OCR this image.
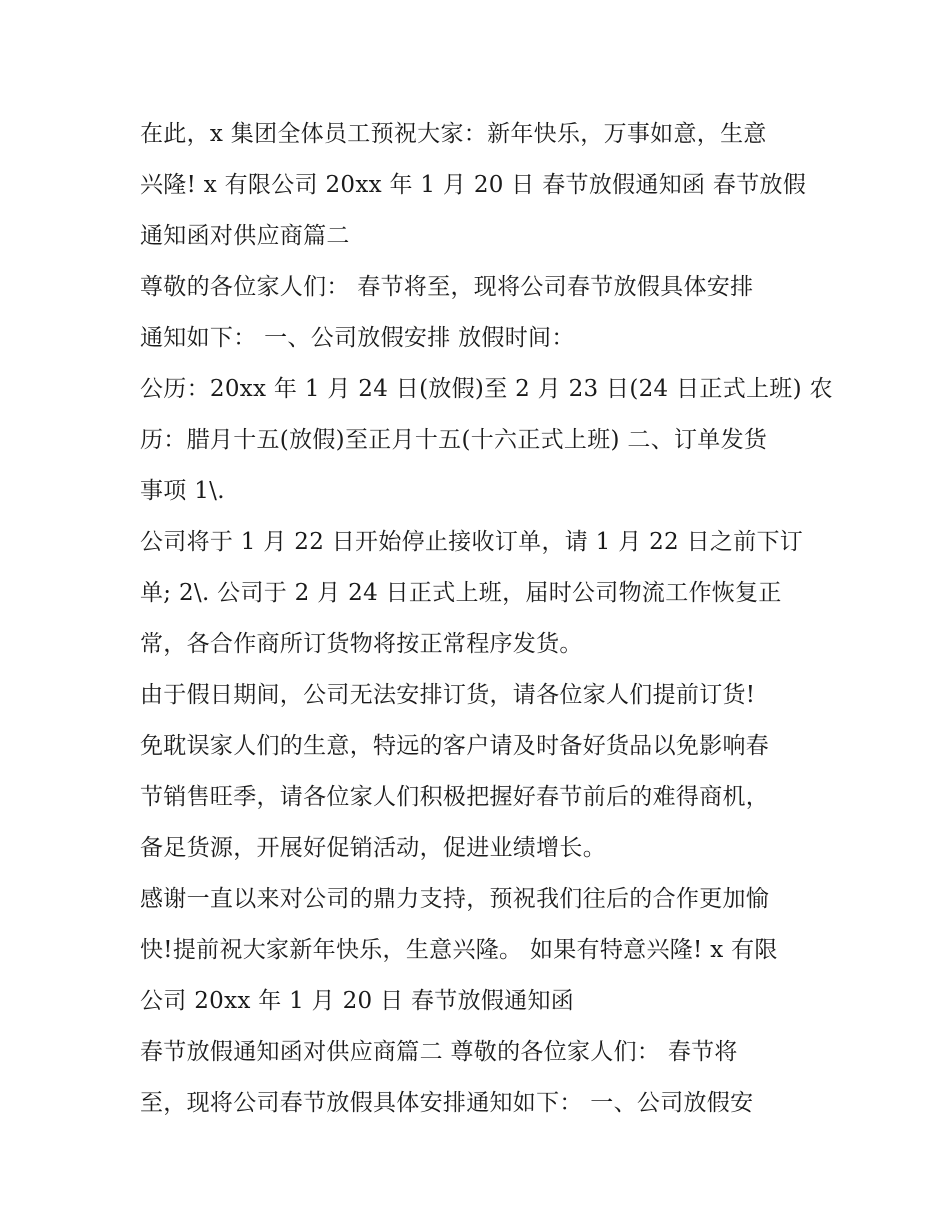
在此，x 集团全体员工预祝大家：新年快乐，万事如意，生意

兴隆! x 有限公司 20xx 年 1 月 20 日 春节放假通知函 春节放假

通知函对供应商篇二

尊敬的各位家人们： 春节将至，现将公司春节放假具体安排

通知如下： 一、公司放假安排 放假时间：

公历：20xx 年 1 月 24 日(放假)至 2 月 23 日(24 日正式上班) 农

历：腊月十五(放假)至正月十五(十六正式上班) 二、订单发货

事项 1\.

公司将于 1 月 22 日开始停止接收订单，请 1 月 22 日之前下订

单; 2\. 公司于 2 月 24 日正式上班，届时公司物流工作恢复正

常，各合作商所订货物将按正常程序发货。

由于假日期间，公司无法安排订货，请各位家人们提前订货!

免耽误家人们的生意，特远的客户请及时备好货品以免影响春

节销售旺季，请各位家人们积极把握好春节前后的难得商机，

备足货源，开展好促销活动，促进业绩增长。

感谢一直以来对公司的鼎力支持，预祝我们往后的合作更加愉

快!提前祝大家新年快乐，生意兴隆。 如果有特意兴隆! x 有限

公司 20xx 年 1 月 20 日 春节放假通知函

春节放假通知函对供应商篇二 尊敬的各位家人们： 春节将

至，现将公司春节放假具体安排通知如下： 一、公司放假安
